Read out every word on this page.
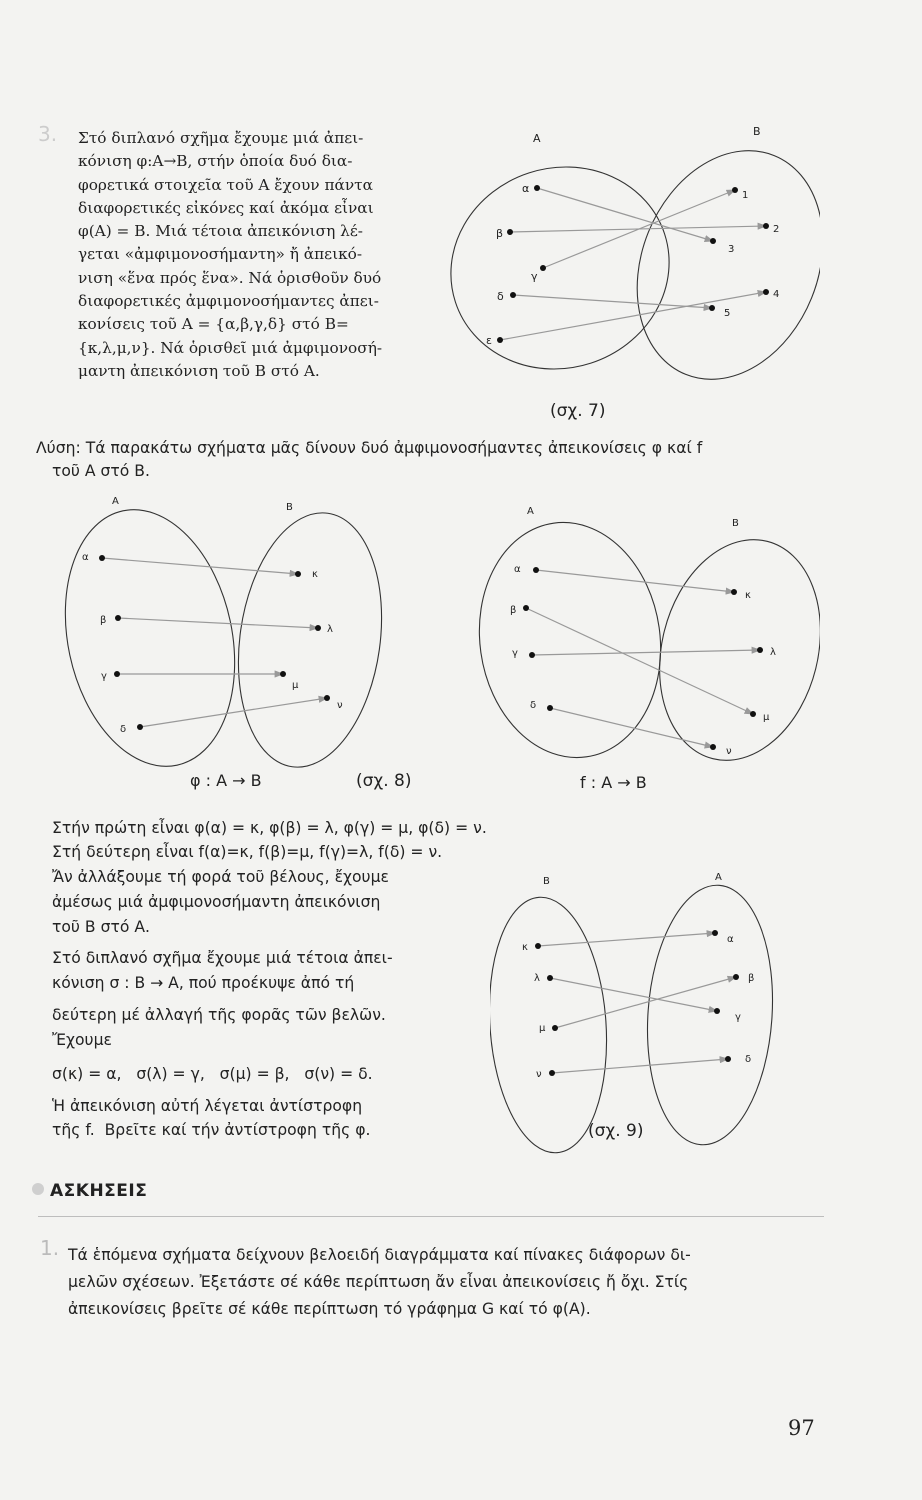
3. Στό διπλανό σχῆμα ἔχουμε μιά ἀπει-
κόνιση φ:Α→Β, στήν ὁποία δυό δια-
φορετικά στοιχεῖα τοῦ Α ἔχουν πάντα
διαφορετικές εἰκόνες καί ἀκόμα εἶναι
φ(Α) = Β. Μιά τέτοια ἀπεικόνιση λέ-
γεται «ἀμφιμονοσήμαντη» ἤ ἀπεικό-
νιση «ἕνα πρός ἕνα». Νά ὁρισθοῦν δυό
διαφορετικές ἀμφιμονοσήμαντες ἀπει-
κονίσεις τοῦ Α = {α,β,γ,δ} στό Β=
{κ,λ,μ,ν}. Νά ὁρισθεῖ μιά ἀμφιμονοσή-
μαντη ἀπεικόνιση τοῦ Β στό Α.
A
B
α
β
γ
δ
ε
1
2
3
4
5
(σχ. 7)
Λύση: Τά παρακάτω σχήματα μᾶς δίνουν δυό ἀμφιμονοσήμαντες ἀπεικονίσεις φ καί f
τοῦ Α στό Β.
A
B
α
β
γ
δ
κ
λ
μ
ν
φ : A → B	(σχ. 8)
A
B
α
β
γ
δ
κ
λ
μ
ν
f : A → B
Στήν πρώτη εἶναι φ(α) = κ, φ(β) = λ, φ(γ) = μ, φ(δ) = ν.
Στή δεύτερη εἶναι f(α)=κ, f(β)=μ, f(γ)=λ, f(δ) = ν.
Ἄν ἀλλάξουμε τή φορά τοῦ βέλους, ἔχουμε
ἀμέσως μιά ἀμφιμονοσήμαντη ἀπεικόνιση
τοῦ Β στό Α.
Στό διπλανό σχῆμα ἔχουμε μιά τέτοια ἀπει-
κόνιση σ : Β → Α, πού προέκυψε ἀπό τή
δεύτερη μέ ἀλλαγή τῆς φορᾶς τῶν βελῶν.
Ἔχουμε
σ(κ) = α,   σ(λ) = γ,   σ(μ) = β,   σ(ν) = δ.
Ἡ ἀπεικόνιση αὐτή λέγεται ἀντίστροφη
τῆς f.  Βρεῖτε καί τήν ἀντίστροφη τῆς φ.
B	A
κ
λ
μ
ν
α
β
γ
δ
(σχ. 9)
ΑΣΚΗΣΕΙΣ
1. Τά ἑπόμενα σχήματα δείχνουν βελοειδή διαγράμματα καί πίνακες διάφορων δι-
μελῶν σχέσεων. Ἐξετάστε σέ κάθε περίπτωση ἄν εἶναι ἀπεικονίσεις ἤ ὄχι. Στίς
ἀπεικονίσεις βρεῖτε σέ κάθε περίπτωση τό γράφημα G καί τό φ(Α).
97
